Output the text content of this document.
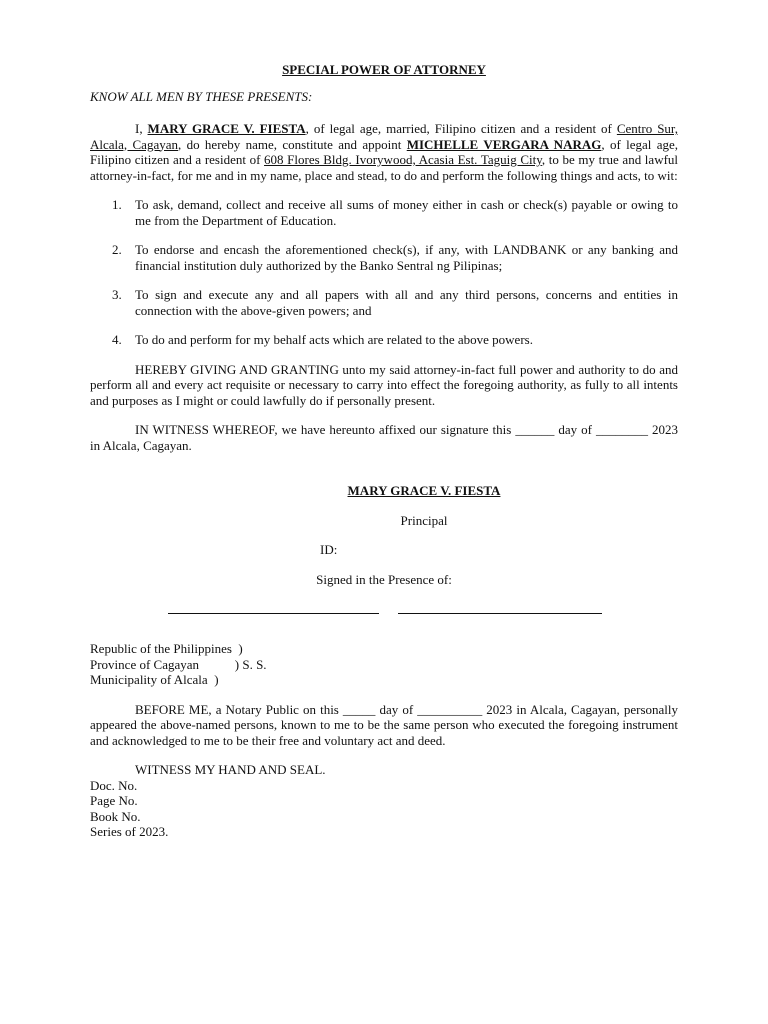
SPECIAL POWER OF ATTORNEY
KNOW ALL MEN BY THESE PRESENTS:

I, MARY GRACE V. FIESTA, of legal age, married, Filipino citizen and a resident of Centro Sur, Alcala, Cagayan, do hereby name, constitute and appoint MICHELLE VERGARA NARAG, of legal age, Filipino citizen and a resident of 608 Flores Bldg. Ivorywood, Acasia Est. Taguig City, to be my true and lawful attorney-in-fact, for me and in my name, place and stead, to do and perform the following things and acts, to wit:

1. To ask, demand, collect and receive all sums of money either in cash or check(s) payable or owing to me from the Department of Education.
2. To endorse and encash the aforementioned check(s), if any, with LANDBANK or any banking and financial institution duly authorized by the Banko Sentral ng Pilipinas;
3. To sign and execute any and all papers with all and any third persons, concerns and entities in connection with the above-given powers; and
4. To do and perform for my behalf acts which are related to the above powers.

HEREBY GIVING AND GRANTING unto my said attorney-in-fact full power and authority to do and perform all and every act requisite or necessary to carry into effect the foregoing authority, as fully to all intents and purposes as I might or could lawfully do if personally present.

IN WITNESS WHEREOF, we have hereunto affixed our signature this ______ day of ________ 2023 in Alcala, Cagayan.

MARY GRACE V. FIESTA
Principal
ID:
Signed in the Presence of:
Republic of the Philippines  )
Province of Cagayan           ) S. S.
Municipality of Alcala  )

BEFORE ME, a Notary Public on this _____ day of __________ 2023 in Alcala, Cagayan, personally appeared the above-named persons, known to me to be the same person who executed the foregoing instrument and acknowledged to me to be their free and voluntary act and deed.

WITNESS MY HAND AND SEAL.
Doc. No.
Page No.
Book No.
Series of 2023.
